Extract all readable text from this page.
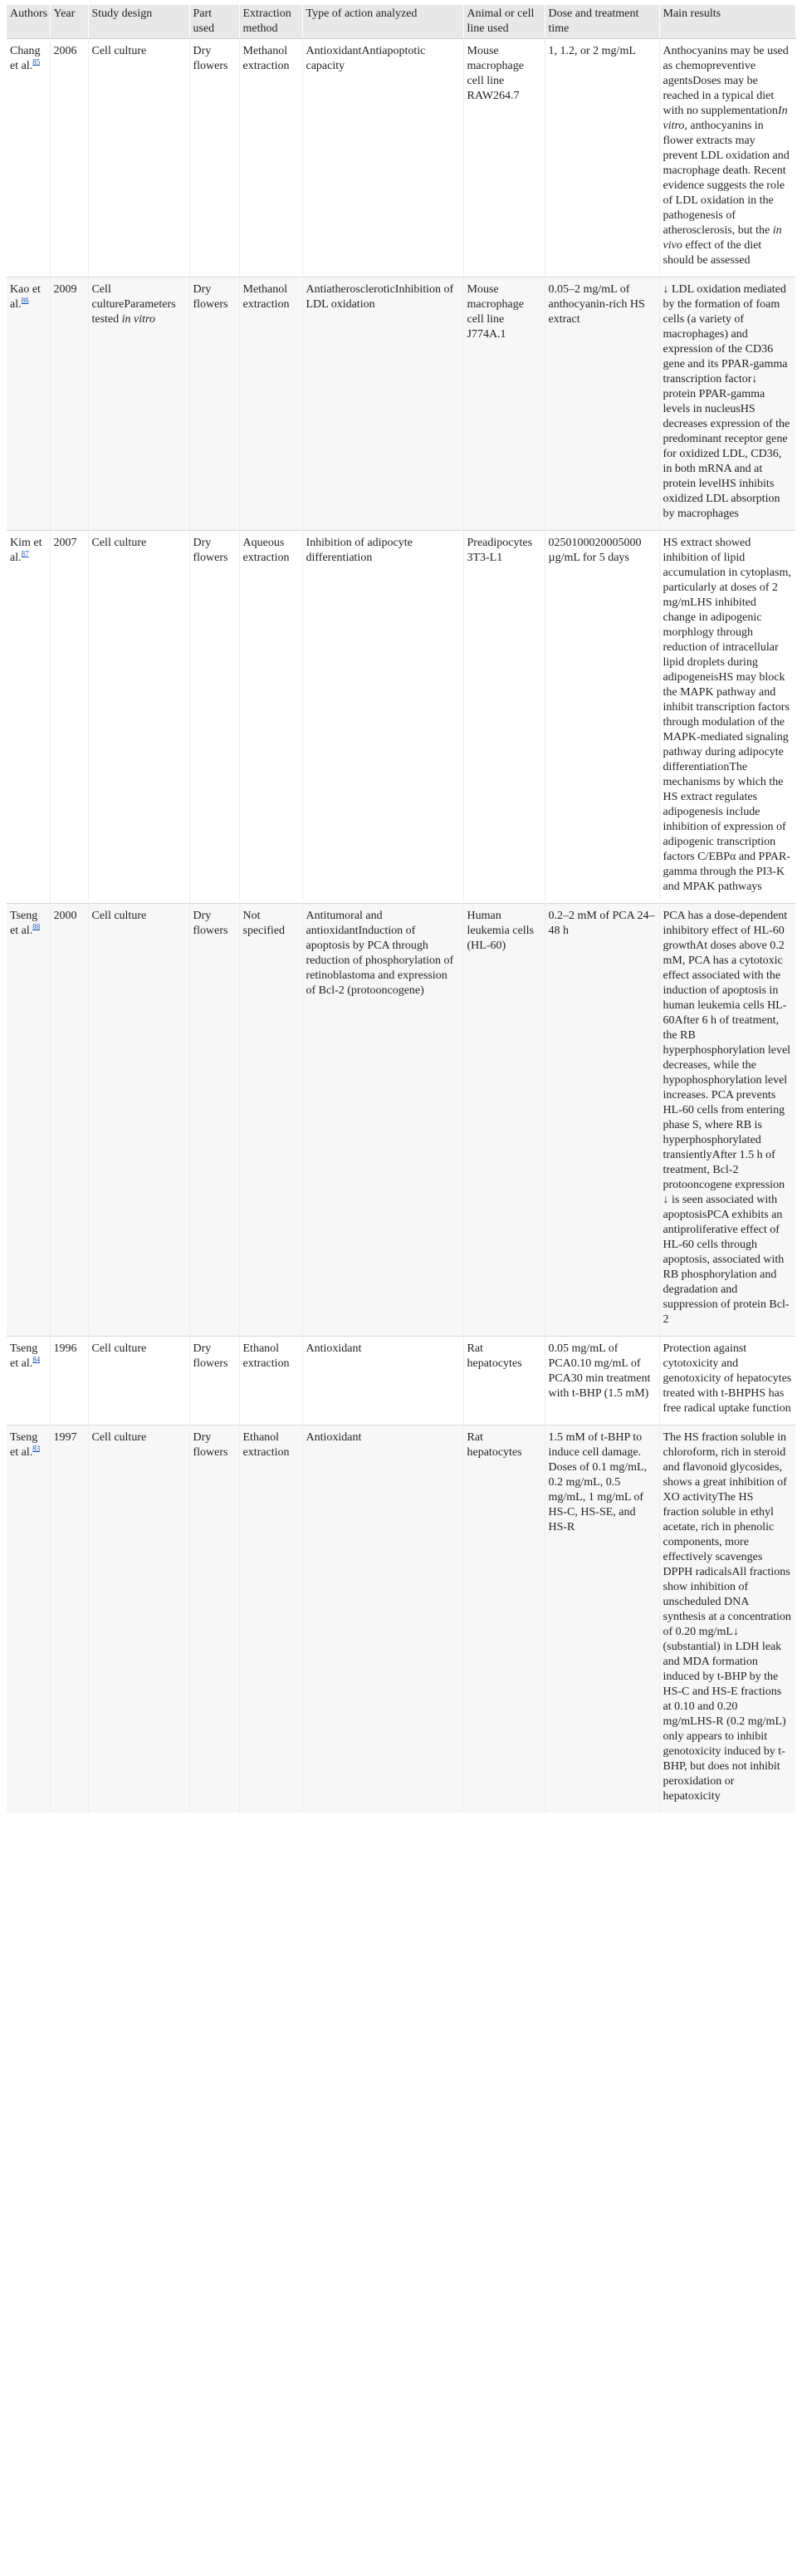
Authors	Year	Study design	Part used	Extraction method	Type of action analyzed	Animal or cell line used	Dose and treatment time	Main results
Chang et al.$^{85}$	2006	Cell culture	Dry flowers	Methanol extraction	AntioxidantAntiapoptotic capacity	Mouse macrophage cell line RAW264.7	1, 1.2, or 2 mg/mL	Anthocyanins may be used as chemopreventive agentsDoses may be reached in a typical diet with no supplementationIn vitro, anthocyanins in flower extracts may prevent LDL oxidation and macrophage death. Recent evidence suggests the role of LDL oxidation in the pathogenesis of atherosclerosis, but the in vivo effect of the diet should be assessed
Kao et al.$^{86}$	2009	Cell cultureParameters tested in vitro	Dry flowers	Methanol extraction	AntiatheroscleroticInhibition of LDL oxidation	Mouse macrophage cell line J774A.1	0.05–2 mg/mL of anthocyanin-rich HS extract	↓ LDL oxidation mediated by the formation of foam cells (a variety of macrophages) and expression of the CD36 gene and its PPAR-gamma transcription factor↓ protein PPAR-gamma levels in nucleusHS decreases expression of the predominant receptor gene for oxidized LDL, CD36, in both mRNA and at protein levelHS inhibits oxidized LDL absorption by macrophages
Kim et al.$^{87}$	2007	Cell culture	Dry flowers	Aqueous extraction	Inhibition of adipocyte differentiation	Preadipocytes 3T3-L1	0250100020005000 µg/mL for 5 days	HS extract showed inhibition of lipid accumulation in cytoplasm, particularly at doses of 2 mg/mLHS inhibited change in adipogenic morphlogy through reduction of intracellular lipid droplets during adipogeneisHS may block the MAPK pathway and inhibit transcription factors through modulation of the MAPK-mediated signaling pathway during adipocyte differentiationThe mechanisms by which the HS extract regulates adipogenesis include inhibition of expression of adipogenic transcription factors C/EBPα and PPAR-gamma through the PI3-K and MPAK pathways
Tseng et al.$^{88}$	2000	Cell culture	Dry flowers	Not specified	Antitumoral and antioxidantInduction of apoptosis by PCA through reduction of phosphorylation of retinoblastoma and expression of Bcl-2 (protooncogene)	Human leukemia cells (HL-60)	0.2–2 mM of PCA 24–48 h	PCA has a dose-dependent inhibitory effect of HL-60 growthAt doses above 0.2 mM, PCA has a cytotoxic effect associated with the induction of apoptosis in human leukemia cells HL-60After 6 h of treatment, the RB hyperphosphorylation level decreases, while the hypophosphorylation level increases. PCA prevents HL-60 cells from entering phase S, where RB is hyperphosphorylated transientlyAfter 1.5 h of treatment, Bcl-2 protooncogene expression ↓ is seen associated with apoptosisPCA exhibits an antiproliferative effect of HL-60 cells through apoptosis, associated with RB phosphorylation and degradation and suppression of protein Bcl-2
Tseng et al.$^{84}$	1996	Cell culture	Dry flowers	Ethanol extraction	Antioxidant	Rat hepatocytes	0.05 mg/mL of PCA0.10 mg/mL of PCA30 min treatment with t-BHP (1.5 mM)	Protection against cytotoxicity and genotoxicity of hepatocytes treated with t-BHPHS has free radical uptake function
Tseng et al.$^{83}$	1997	Cell culture	Dry flowers	Ethanol extraction	Antioxidant	Rat hepatocytes	1.5 mM of t-BHP to induce cell damage. Doses of 0.1 mg/mL, 0.2 mg/mL, 0.5 mg/mL, 1 mg/mL of HS-C, HS-SE, and HS-R	The HS fraction soluble in chloroform, rich in steroid and flavonoid glycosides, shows a great inhibition of XO activityThe HS fraction soluble in ethyl acetate, rich in phenolic components, more effectively scavenges DPPH radicalsAll fractions show inhibition of unscheduled DNA synthesis at a concentration of 0.20 mg/mL↓ (substantial) in LDH leak and MDA formation induced by t-BHP by the HS-C and HS-E fractions at 0.10 and 0.20 mg/mLHS-R (0.2 mg/mL) only appears to inhibit genotoxicity induced by t-BHP, but does not inhibit peroxidation or hepatoxicity
